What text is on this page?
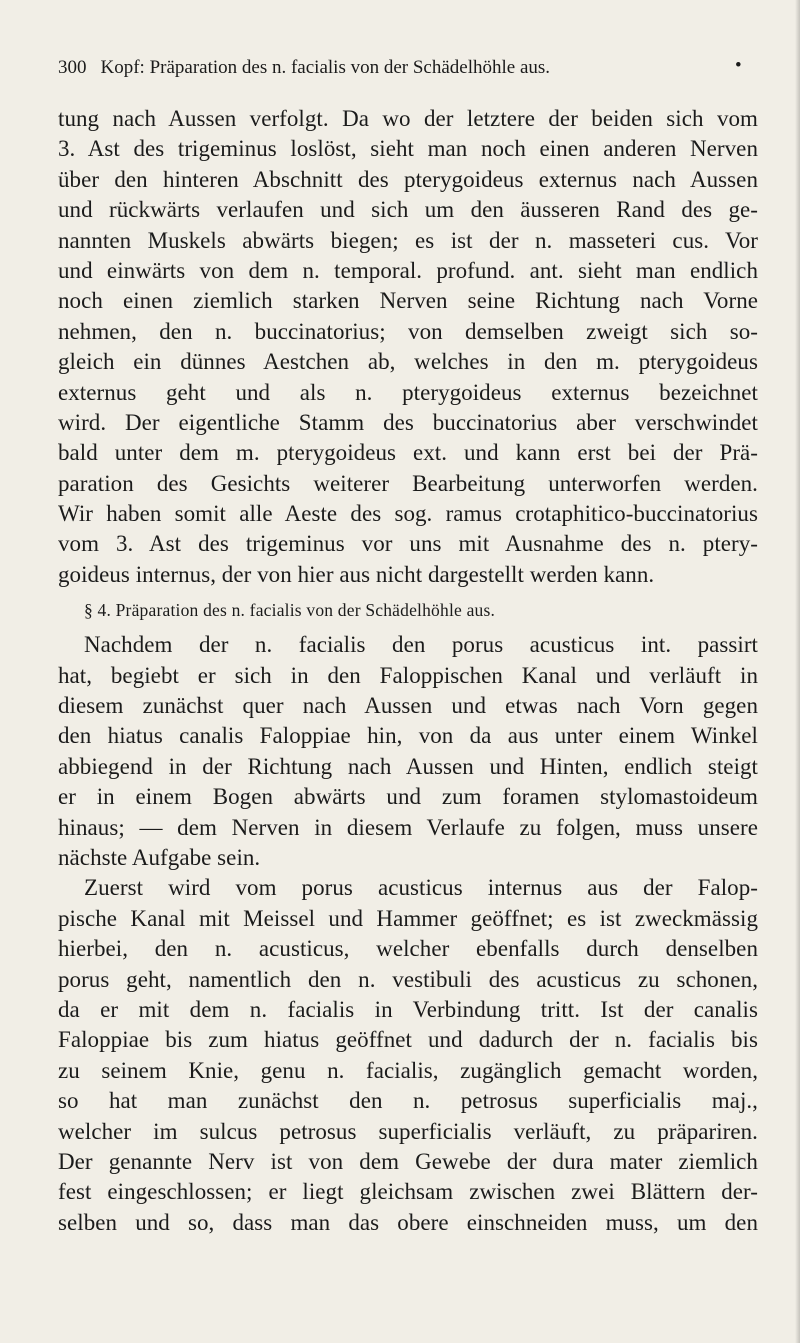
300 Kopf: Präparation des n. facialis von der Schädelhöhle aus.	•
tung nach Aussen verfolgt. Da wo der letztere der beiden sich vom
3. Ast des trigeminus loslöst, sieht man noch einen anderen Nerven
über den hinteren Abschnitt des pterygoideus externus nach Aussen
und rückwärts verlaufen und sich um den äusseren Rand des ge-
nannten Muskels abwärts biegen; es ist der n. masseteri cus. Vor
und einwärts von dem n. temporal. profund. ant. sieht man endlich
noch einen ziemlich starken Nerven seine Richtung nach Vorne
nehmen, den n. buccinatorius; von demselben zweigt sich so-
gleich ein dünnes Aestchen ab, welches in den m. pterygoideus
externus geht und als n. pterygoideus externus bezeichnet
wird. Der eigentliche Stamm des buccinatorius aber verschwindet
bald unter dem m. pterygoideus ext. und kann erst bei der Prä-
paration des Gesichts weiterer Bearbeitung unterworfen werden.
Wir haben somit alle Aeste des sog. ramus crotaphitico-buccinatorius
vom 3. Ast des trigeminus vor uns mit Ausnahme des n. ptery-
goideus internus, der von hier aus nicht dargestellt werden kann.
§ 4. Präparation des n. facialis von der Schädelhöhle aus.
Nachdem der n. facialis den porus acusticus int. passirt
hat, begiebt er sich in den Faloppischen Kanal und verläuft in
diesem zunächst quer nach Aussen und etwas nach Vorn gegen
den hiatus canalis Faloppiae hin, von da aus unter einem Winkel
abbiegend in der Richtung nach Aussen und Hinten, endlich steigt
er in einem Bogen abwärts und zum foramen stylomastoideum
hinaus; — dem Nerven in diesem Verlaufe zu folgen, muss unsere
nächste Aufgabe sein.
Zuerst wird vom porus acusticus internus aus der Falop-
pische Kanal mit Meissel und Hammer geöffnet; es ist zweckmässig
hierbei, den n. acusticus, welcher ebenfalls durch denselben
porus geht, namentlich den n. vestibuli des acusticus zu schonen,
da er mit dem n. facialis in Verbindung tritt. Ist der canalis
Faloppiae bis zum hiatus geöffnet und dadurch der n. facialis bis
zu seinem Knie, genu n. facialis, zugänglich gemacht worden,
so hat man zunächst den n. petrosus superficialis maj.,
welcher im sulcus petrosus superficialis verläuft, zu präpariren.
Der genannte Nerv ist von dem Gewebe der dura mater ziemlich
fest eingeschlossen; er liegt gleichsam zwischen zwei Blättern der-
selben und so, dass man das obere einschneiden muss, um den
